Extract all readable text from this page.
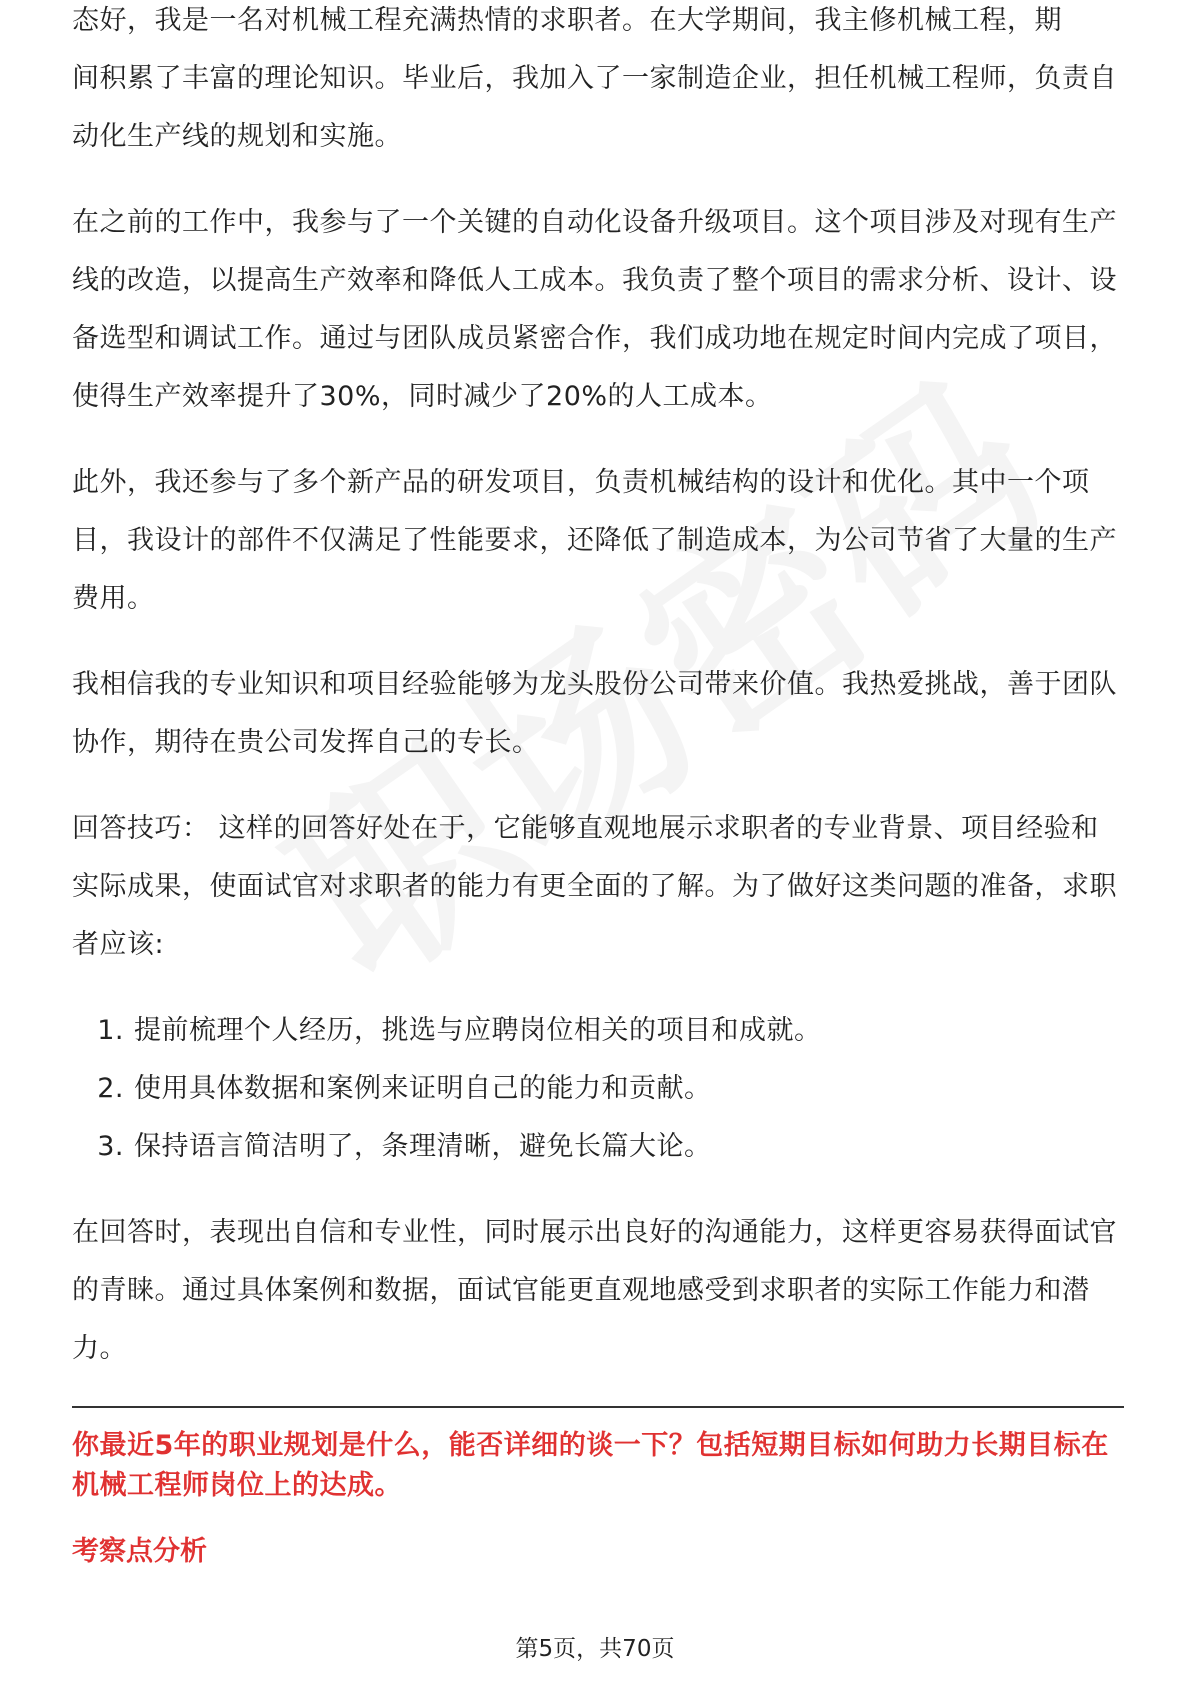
态好，我是一名对机械工程充满热情的求职者。在大学期间，我主修机械工程，期

间积累了丰富的理论知识。毕业后，我加入了一家制造企业，担任机械工程师，负责自动化生产线的规划和实施。

在之前的工作中，我参与了一个关键的自动化设备升级项目。这个项目涉及对现有生产线的改造，以提高生产效率和降低人工成本。我负责了整个项目的需求分析、设计、设备选型和调试工作。通过与团队成员紧密合作，我们成功地在规定时间内完成了项目，使得生产效率提升了30%，同时减少了20%的人工成本。

此外，我还参与了多个新产品的研发项目，负责机械结构的设计和优化。其中一个项目，我设计的部件不仅满足了性能要求，还降低了制造成本，为公司节省了大量的生产费用。

我相信我的专业知识和项目经验能够为龙头股份公司带来价值。我热爱挑战，善于团队协作，期待在贵公司发挥自己的专长。

回答技巧： 这样的回答好处在于，它能够直观地展示求职者的专业背景、项目经验和实际成果，使面试官对求职者的能力有更全面的了解。为了做好这类问题的准备，求职者应该:

1. 提前梳理个人经历，挑选与应聘岗位相关的项目和成就。
2. 使用具体数据和案例来证明自己的能力和贡献。
3. 保持语言简洁明了，条理清晰，避免长篇大论。

在回答时，表现出自信和专业性，同时展示出良好的沟通能力，这样更容易获得面试官的青睐。通过具体案例和数据，面试官能更直观地感受到求职者的实际工作能力和潜力。

你最近5年的职业规划是什么，能否详细的谈一下？包括短期目标如何助力长期目标在机械工程师岗位上的达成。

考察点分析

第5页，共70页
